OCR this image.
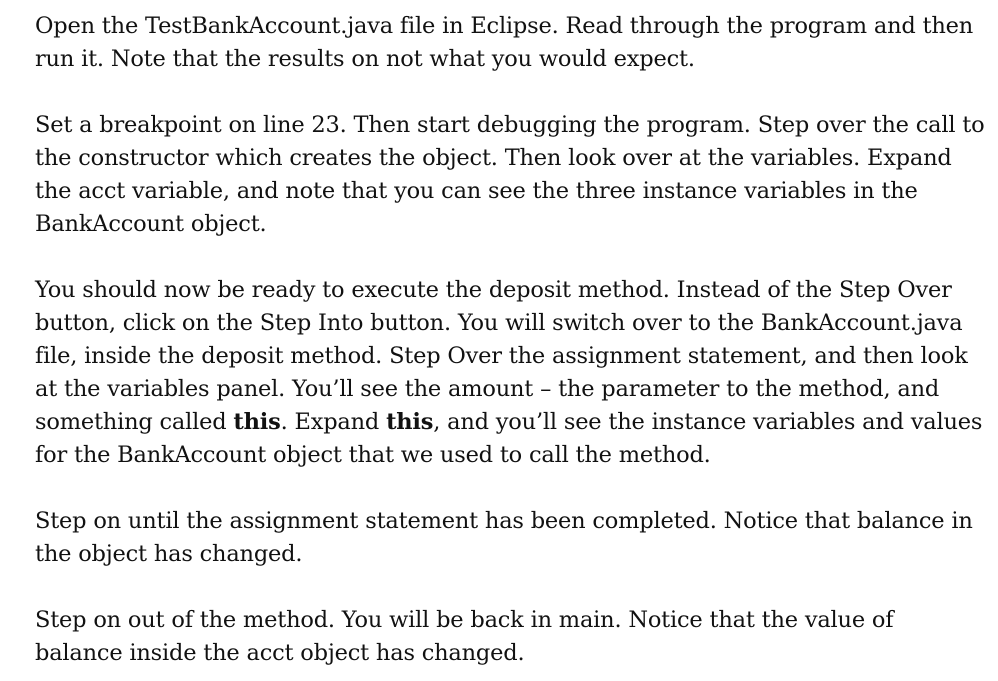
Open the TestBankAccount.java file in Eclipse. Read through the program and then run it. Note that the results on not what you would expect.

Set a breakpoint on line 23. Then start debugging the program. Step over the call to the constructor which creates the object. Then look over at the variables. Expand the acct variable, and note that you can see the three instance variables in the BankAccount object.

You should now be ready to execute the deposit method. Instead of the Step Over button, click on the Step Into button. You will switch over to the BankAccount.java file, inside the deposit method. Step Over the assignment statement, and then look at the variables panel. You’ll see the amount – the parameter to the method, and something called this. Expand this, and you’ll see the instance variables and values for the BankAccount object that we used to call the method.

Step on until the assignment statement has been completed. Notice that balance in the object has changed.

Step on out of the method. You will be back in main. Notice that the value of balance inside the acct object has changed.
